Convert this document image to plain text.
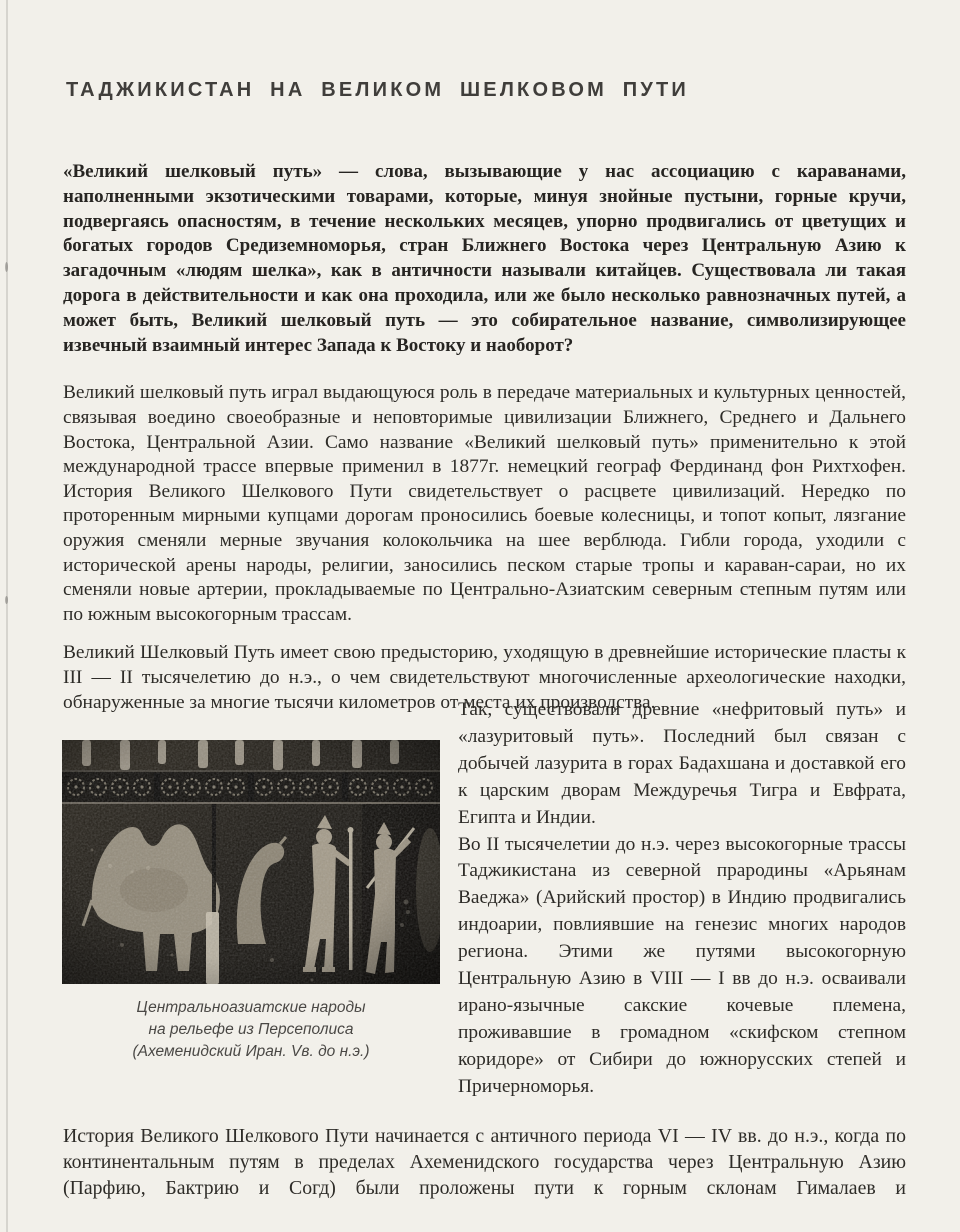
ТАДЖИКИСТАН НА ВЕЛИКОМ ШЕЛКОВОМ ПУТИ

«Великий шелковый путь» — слова, вызывающие у нас ассоциацию с караванами, наполненными экзотическими товарами, которые, минуя знойные пустыни, горные кручи, подвергаясь опасностям, в течение нескольких месяцев, упорно продвигались от цветущих и богатых городов Средиземноморья, стран Ближнего Востока через Центральную Азию к загадочным «людям шелка», как в античности называли китайцев. Существовала ли такая дорога в действительности и как она проходила, или же было несколько равнозначных путей, а может быть, Великий шелковый путь — это собирательное название, символизирующее извечный взаимный интерес Запада к Востоку и наоборот?

Великий шелковый путь играл выдающуюся роль в передаче материальных и культурных ценностей, связывая воедино своеобразные и неповторимые цивилизации Ближнего, Среднего и Дальнего Востока, Центральной Азии. Само название «Великий шелковый путь» применительно к этой международной трассе впервые применил в 1877г. немецкий географ Фердинанд фон Рихтхофен. История Великого Шелкового Пути свидетельствует о расцвете цивилизаций. Нередко по проторенным мирными купцами дорогам проносились боевые колесницы, и топот копыт, лязгание оружия сменяли мерные звучания колокольчика на шее верблюда. Гибли города, уходили с исторической арены народы, религии, заносились песком старые тропы и караван-сараи, но их сменяли новые артерии, прокладываемые по Центрально-Азиатским северным степным путям или по южным высокогорным трассам.

Великий Шелковый Путь имеет свою предысторию, уходящую в древнейшие исторические пласты к III — II тысячелетию до н.э., о чем свидетельствуют многочисленные археологические находки, обнаруженные за многие тысячи километров от места их производства.

Центральноазиатские народы
на рельефе из Персеполиса
(Ахеменидский Иран. Vв. до н.э.)

Так, существовали древние «нефритовый путь» и «лазуритовый путь». Последний был связан с добычей лазурита в горах Бадахшана и доставкой его к царским дворам Междуречья Тигра и Евфрата, Египта и Индии.

Во II тысячелетии до н.э. через высокогорные трассы Таджикистана из северной прародины «Арьянам Ваеджа» (Арийский простор) в Индию продвигались индоарии, повлиявшие на генезис многих народов региона. Этими же путями высокогорную Центральную Азию в VIII — I вв до н.э. осваивали ирано-язычные сакские кочевые племена, проживавшие в громадном «скифском степном коридоре» от Сибири до южнорусских степей и Причерноморья.

История Великого Шелкового Пути начинается с античного периода VI — IV вв. до н.э., когда по континентальным путям в пределах Ахеменидского государства через Центральную Азию (Парфию, Бактрию и Согд) были проложены пути к горным склонам Гималаев и
